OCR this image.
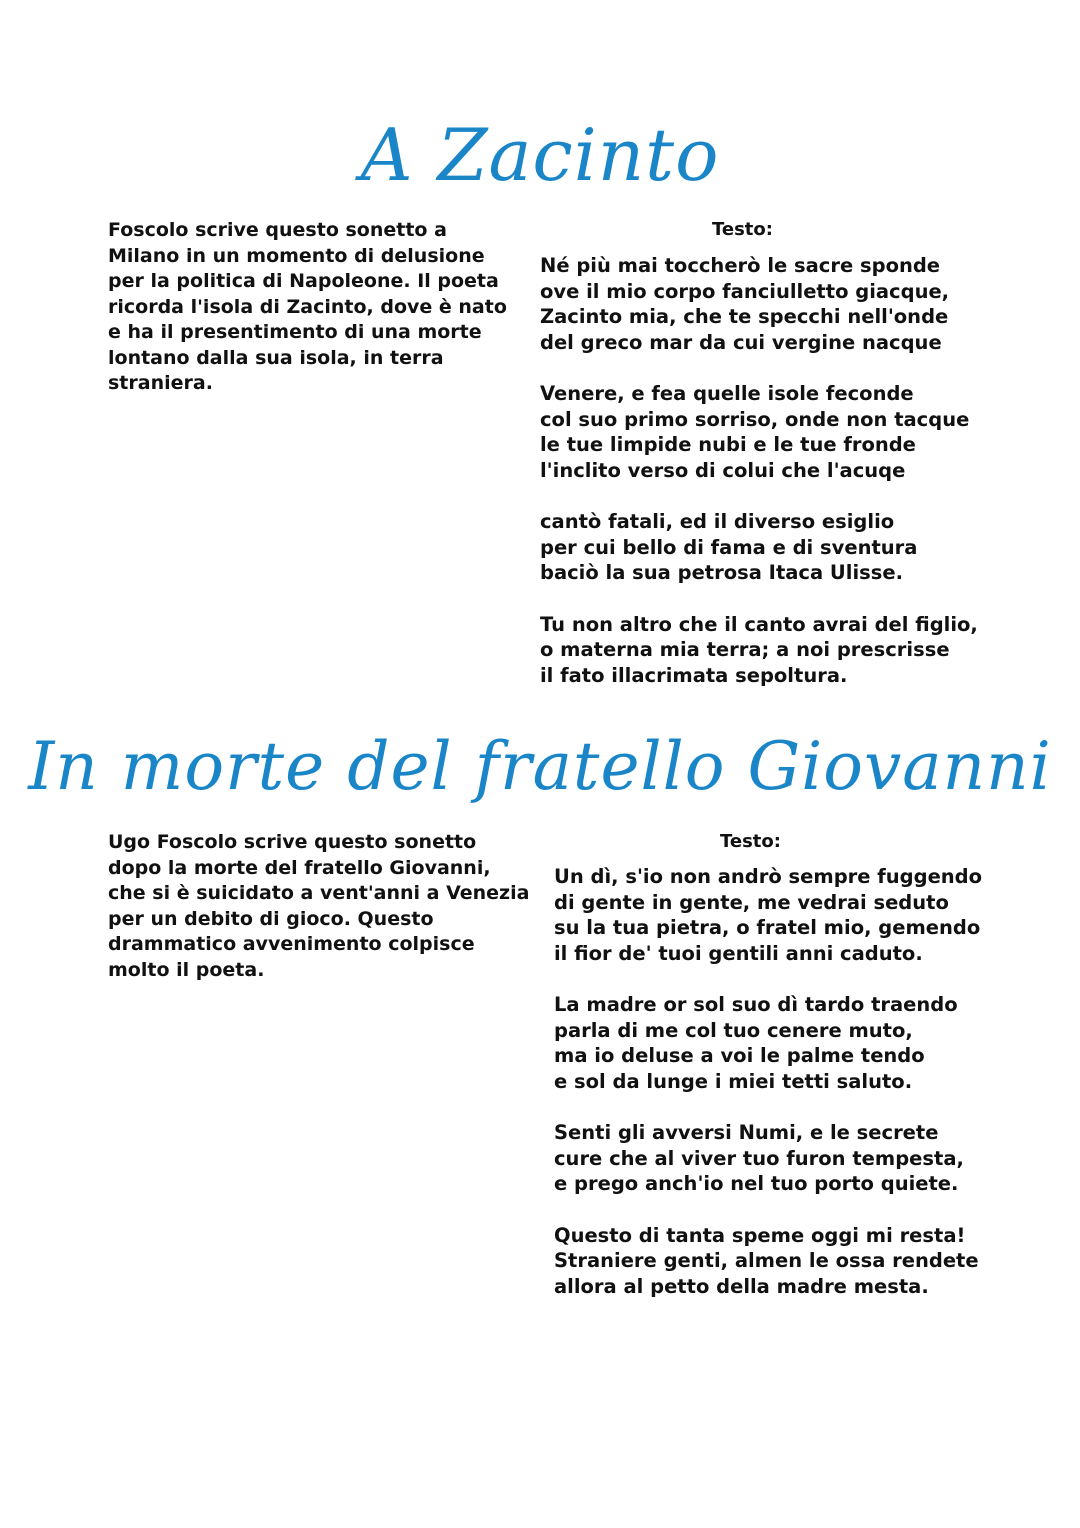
A Zacinto
Foscolo scrive questo sonetto a
Milano in un momento di delusione
per la politica di Napoleone. Il poeta
ricorda l'isola di Zacinto, dove è nato
e ha il presentimento di una morte
lontano dalla sua isola, in terra
straniera.
Testo:
Né più mai toccherò le sacre sponde
ove il mio corpo fanciulletto giacque,
Zacinto mia, che te specchi nell'onde
del greco mar da cui vergine nacque
Venere, e fea quelle isole feconde
col suo primo sorriso, onde non tacque
le tue limpide nubi e le tue fronde
l'inclito verso di colui che l'acuqe
cantò fatali, ed il diverso esiglio
per cui bello di fama e di sventura
baciò la sua petrosa Itaca Ulisse.
Tu non altro che il canto avrai del figlio,
o materna mia terra; a noi prescrisse
il fato illacrimata sepoltura.
In morte del fratello Giovanni
Ugo Foscolo scrive questo sonetto
dopo la morte del fratello Giovanni,
che si è suicidato a vent'anni a Venezia
per un debito di gioco. Questo
drammatico avvenimento colpisce
molto il poeta.
Testo:
Un dì, s'io non andrò sempre fuggendo
di gente in gente, me vedrai seduto
su la tua pietra, o fratel mio, gemendo
il fior de' tuoi gentili anni caduto.
La madre or sol suo dì tardo traendo
parla di me col tuo cenere muto,
ma io deluse a voi le palme tendo
e sol da lunge i miei tetti saluto.
Senti gli avversi Numi, e le secrete
cure che al viver tuo furon tempesta,
e prego anch'io nel tuo porto quiete.
Questo di tanta speme oggi mi resta!
Straniere genti, almen le ossa rendete
allora al petto della madre mesta.
